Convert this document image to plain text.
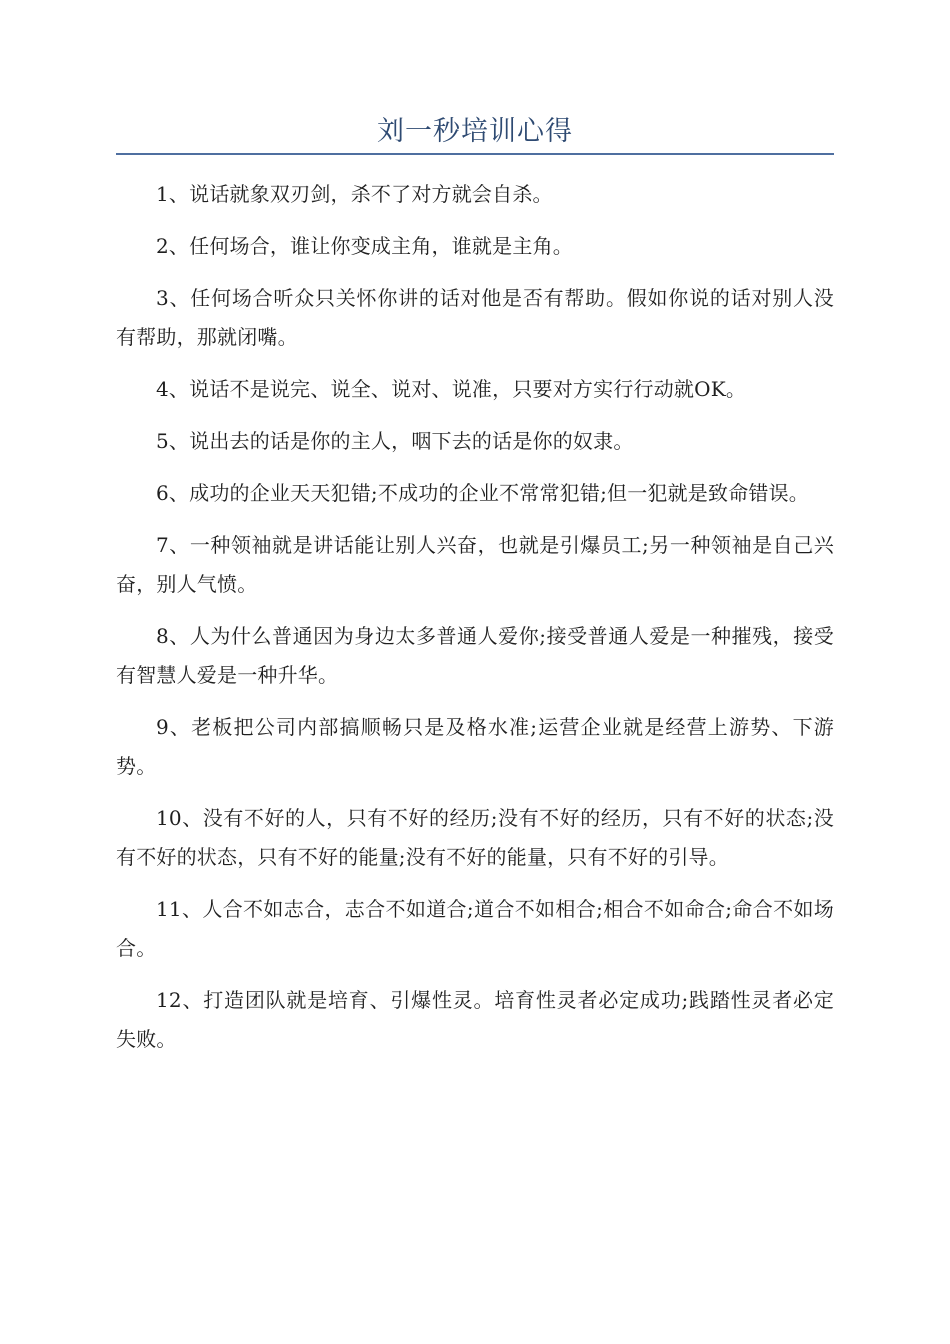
刘一秒培训心得

1、说话就象双刃剑，杀不了对方就会自杀。

2、任何场合，谁让你变成主角，谁就是主角。

3、任何场合听众只关怀你讲的话对他是否有帮助。假如你说的话对别人没有帮助，那就闭嘴。

4、说话不是说完、说全、说对、说准，只要对方实行行动就OK。

5、说出去的话是你的主人，咽下去的话是你的奴隶。

6、成功的企业天天犯错;不成功的企业不常常犯错;但一犯就是致命错误。

7、一种领袖就是讲话能让别人兴奋，也就是引爆员工;另一种领袖是自己兴奋，别人气愤。

8、人为什么普通因为身边太多普通人爱你;接受普通人爱是一种摧残，接受有智慧人爱是一种升华。

9、老板把公司内部搞顺畅只是及格水准;运营企业就是经营上游势、下游势。

10、没有不好的人，只有不好的经历;没有不好的经历，只有不好的状态;没有不好的状态，只有不好的能量;没有不好的能量，只有不好的引导。

11、人合不如志合，志合不如道合;道合不如相合;相合不如命合;命合不如场合。

12、打造团队就是培育、引爆性灵。培育性灵者必定成功;践踏性灵者必定失败。
